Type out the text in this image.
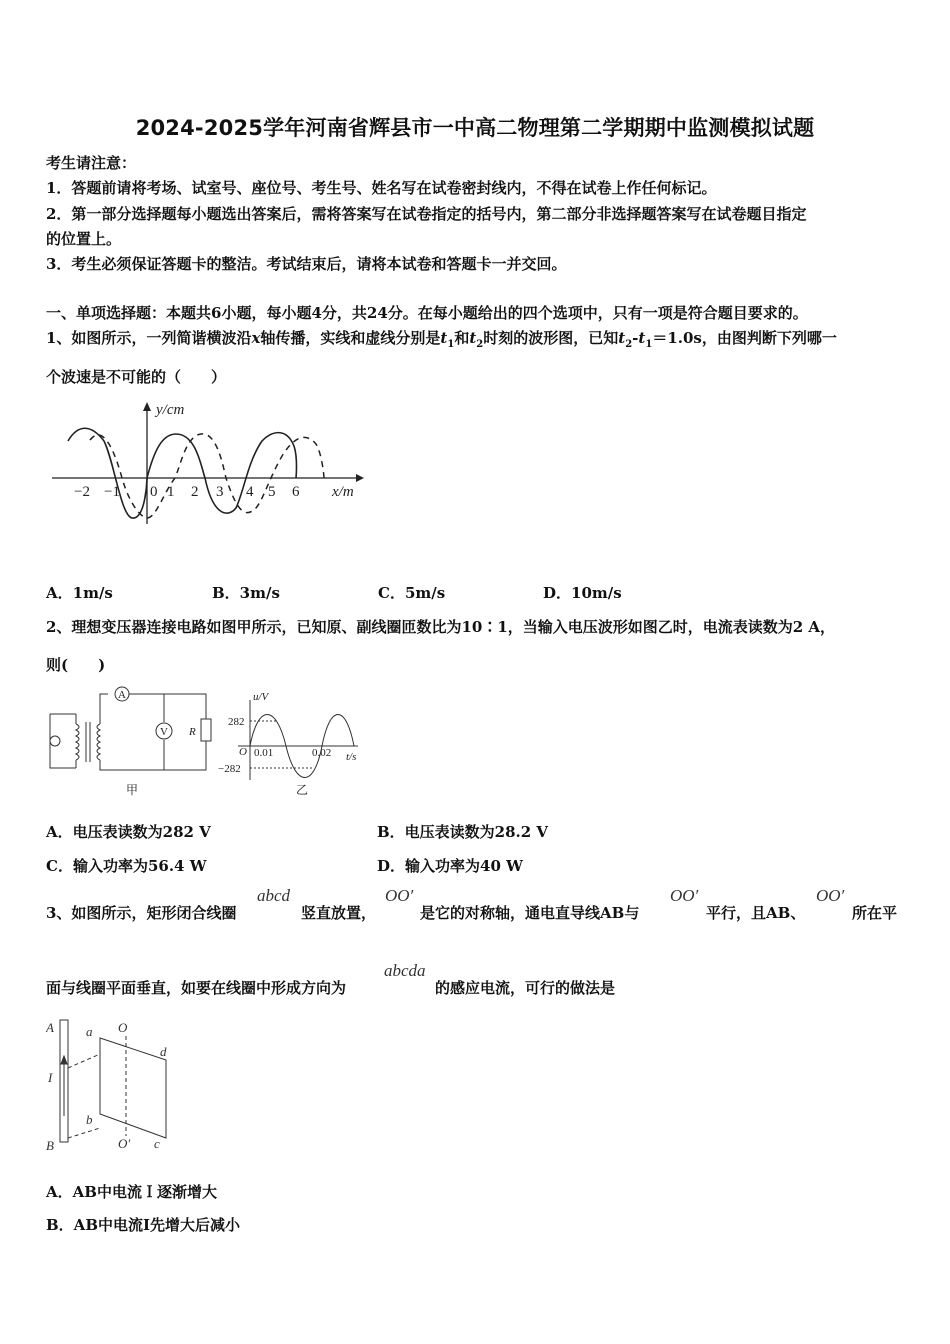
2024-2025学年河南省辉县市一中高二物理第二学期期中监测模拟试题
考生请注意：
1．答题前请将考场、试室号、座位号、考生号、姓名写在试卷密封线内，不得在试卷上作任何标记。
2．第一部分选择题每小题选出答案后，需将答案写在试卷指定的括号内，第二部分非选择题答案写在试卷题目指定
的位置上。
3．考生必须保证答题卡的整洁。考试结束后，请将本试卷和答题卡一并交回。
一、单项选择题：本题共6小题，每小题4分，共24分。在每小题给出的四个选项中，只有一项是符合题目要求的。
1、如图所示，一列简谐横波沿x轴传播，实线和虚线分别是$t_1$和$t_2$时刻的波形图，已知$t_2-t_1=1.0s$，由图判断下列哪一
个波速是不可能的（　　）
y/cm
x/m
−2 −1 0 1 2 3 4 5 6
A．1m/s	B．3m/s	C．5m/s	D．10m/s
2、理想变压器连接电路如图甲所示，已知原、副线圈匝数比为10∶1，当输入电压波形如图乙时，电流表读数为2 A，
则(　　)
A
V R
u/V
t/s
282
−282
O 0.01	0.02
甲	乙
A．电压表读数为282 V	B．电压表读数为28.2 V
C．输入功率为56.4 W	D．输入功率为40 W
3、如图所示，矩形闭合线圈
abcd
竖直放置，
OO′
是它的对称轴，通电直导线AB与
OO′
平行，且AB、
OO′
所在平
面与线圈平面垂直，如要在线圈中形成方向为
abcda
的感应电流，可行的做法是
A
B
I
a
b
c
d
O
O′
A．AB中电流Ｉ逐渐增大
B．AB中电流I先增大后减小
